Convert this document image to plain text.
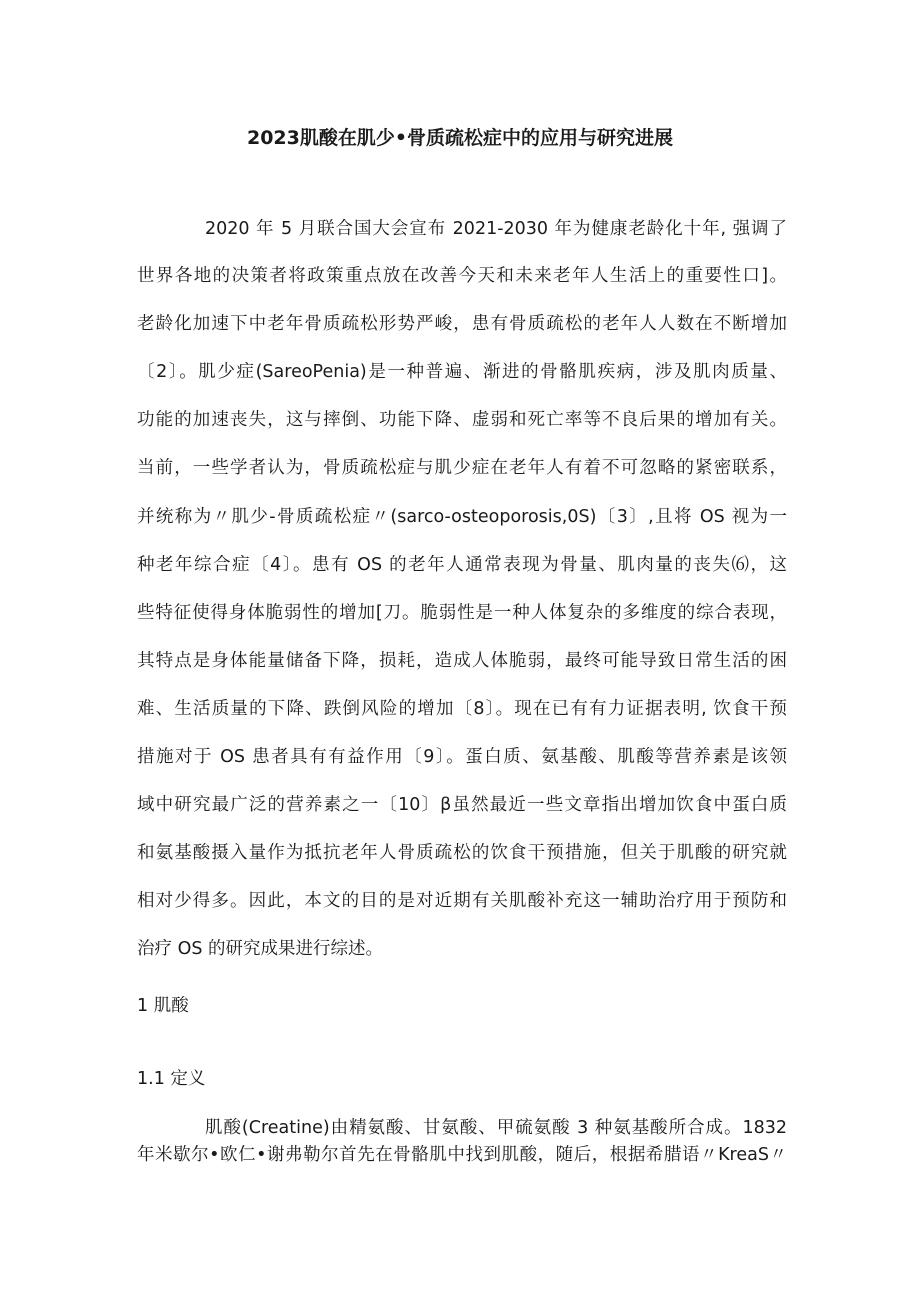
2023肌酸在肌少•骨质疏松症中的应用与研究进展
2020 年 5 月联合国大会宣布 2021-2030 年为健康老龄化十年, 强调了
世界各地的决策者将政策重点放在改善今天和未来老年人生活上的重要性口]。
老龄化加速下中老年骨质疏松形势严峻，患有骨质疏松的老年人人数在不断增加
〔2〕。肌少症(SareoPenia)是一种普遍、渐进的骨骼肌疾病，涉及肌肉质量、
功能的加速丧失，这与摔倒、功能下降、虚弱和死亡率等不良后果的增加有关。
当前，一些学者认为，骨质疏松症与肌少症在老年人有着不可忽略的紧密联系，
并统称为〃肌少-骨质疏松症〃(sarco-osteoporosis,0S)〔3〕,且将 OS 视为一
种老年综合症〔4〕。患有 OS 的老年人通常表现为骨量、肌肉量的丧失⑹，这
些特征使得身体脆弱性的增加[刀。脆弱性是一种人体复杂的多维度的综合表现，
其特点是身体能量储备下降，损耗，造成人体脆弱，最终可能导致日常生活的困
难、生活质量的下降、跌倒风险的增加〔8〕。现在已有有力证据表明, 饮食干预
措施对于 OS 患者具有有益作用〔9〕。蛋白质、氨基酸、肌酸等营养素是该领
域中研究最广泛的营养素之一〔10〕β虽然最近一些文章指出增加饮食中蛋白质
和氨基酸摄入量作为抵抗老年人骨质疏松的饮食干预措施，但关于肌酸的研究就
相对少得多。因此，本文的目的是对近期有关肌酸补充这一辅助治疗用于预防和
治疗 OS 的研究成果进行综述。
1 肌酸
1.1 定义
肌酸(Creatine)由精氨酸、甘氨酸、甲硫氨酸 3 种氨基酸所合成。1832
年米歇尔•欧仁•谢弗勒尔首先在骨骼肌中找到肌酸，随后，根据希腊语〃KreaS〃
